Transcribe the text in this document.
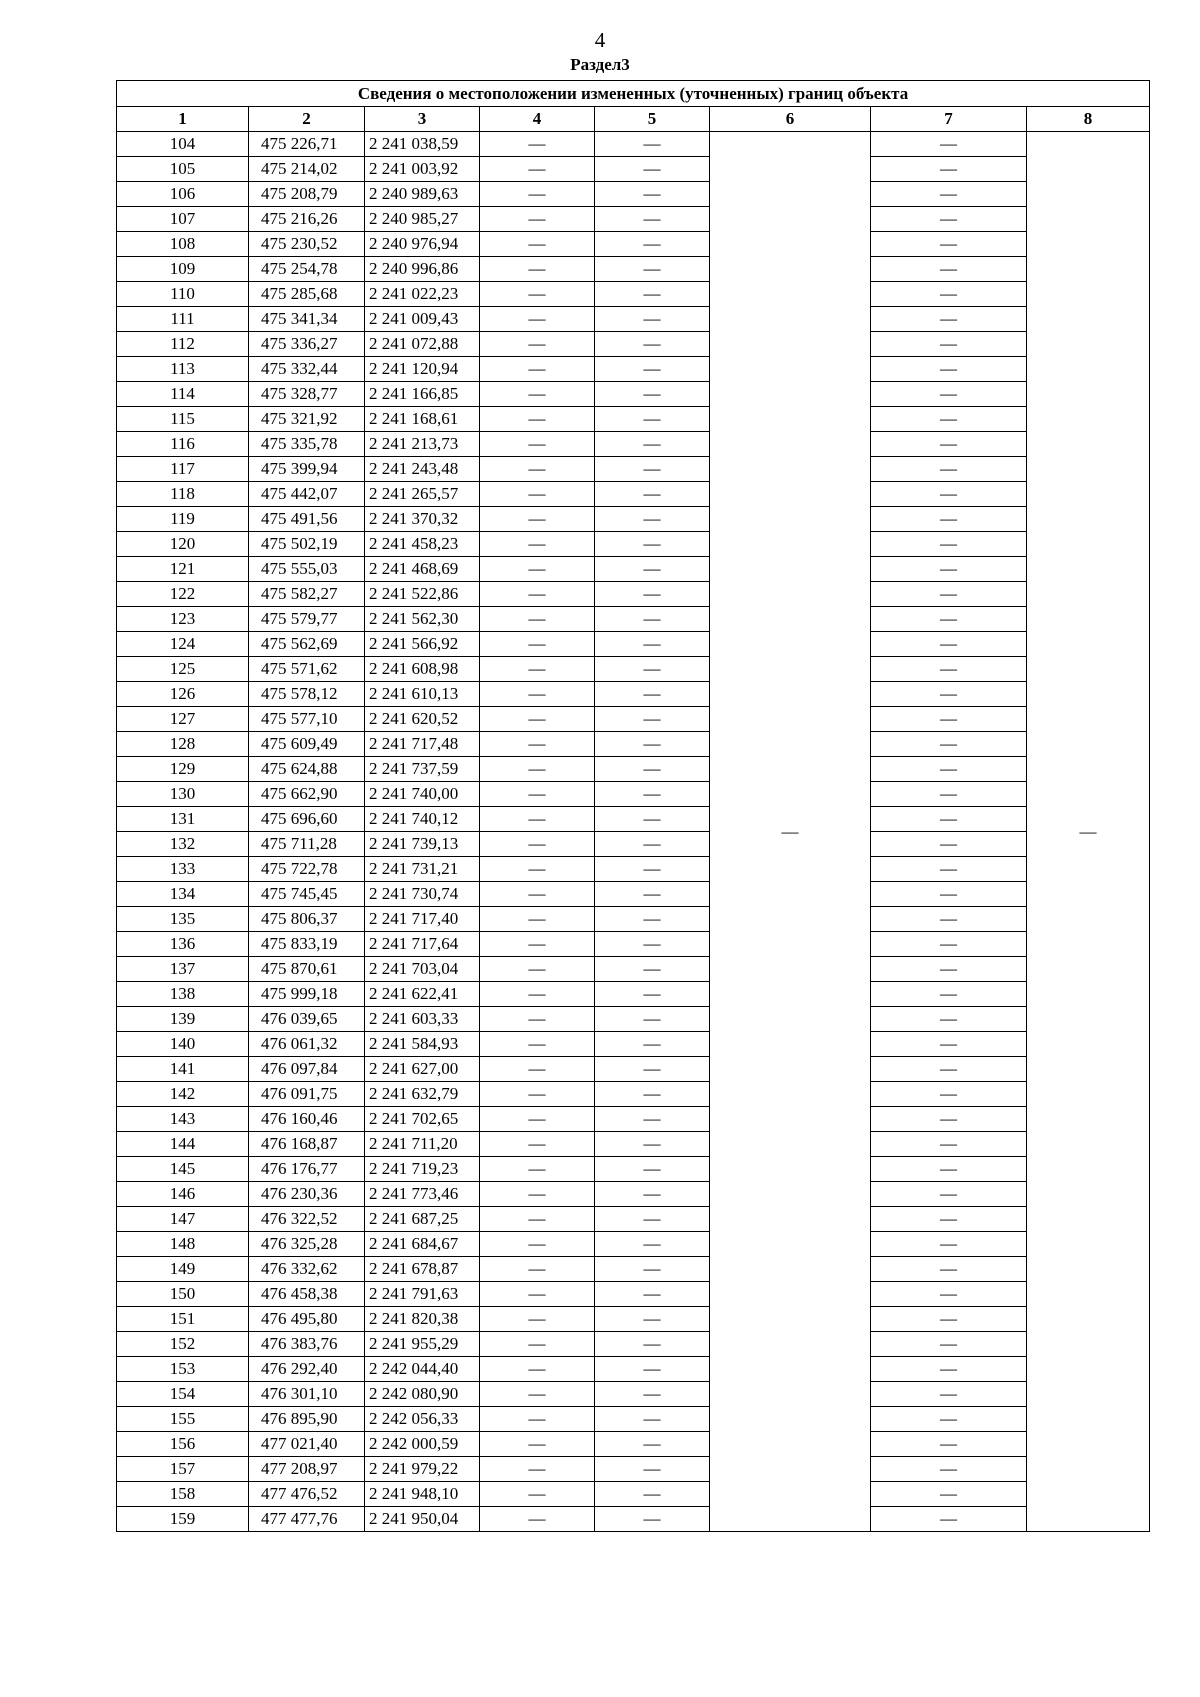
4
Раздел3
Сведения о местоположении измененных (уточненных) границ объекта							
1	2	3	4	5	6	7	8
104	475 226,71	2 241 038,59	—	—	—	—	—
105	475 214,02	2 241 003,92	—	—		—	
106	475 208,79	2 240 989,63	—	—		—	
107	475 216,26	2 240 985,27	—	—		—	
108	475 230,52	2 240 976,94	—	—		—	
109	475 254,78	2 240 996,86	—	—		—	
110	475 285,68	2 241 022,23	—	—		—	
111	475 341,34	2 241 009,43	—	—		—	
112	475 336,27	2 241 072,88	—	—		—	
113	475 332,44	2 241 120,94	—	—		—	
114	475 328,77	2 241 166,85	—	—		—	
115	475 321,92	2 241 168,61	—	—		—	
116	475 335,78	2 241 213,73	—	—		—	
117	475 399,94	2 241 243,48	—	—		—	
118	475 442,07	2 241 265,57	—	—		—	
119	475 491,56	2 241 370,32	—	—		—	
120	475 502,19	2 241 458,23	—	—		—	
121	475 555,03	2 241 468,69	—	—		—	
122	475 582,27	2 241 522,86	—	—		—	
123	475 579,77	2 241 562,30	—	—		—	
124	475 562,69	2 241 566,92	—	—		—	
125	475 571,62	2 241 608,98	—	—		—	
126	475 578,12	2 241 610,13	—	—		—	
127	475 577,10	2 241 620,52	—	—		—	
128	475 609,49	2 241 717,48	—	—		—	
129	475 624,88	2 241 737,59	—	—		—	
130	475 662,90	2 241 740,00	—	—		—	
131	475 696,60	2 241 740,12	—	—		—	
132	475 711,28	2 241 739,13	—	—		—	
133	475 722,78	2 241 731,21	—	—		—	
134	475 745,45	2 241 730,74	—	—		—	
135	475 806,37	2 241 717,40	—	—		—	
136	475 833,19	2 241 717,64	—	—		—	
137	475 870,61	2 241 703,04	—	—		—	
138	475 999,18	2 241 622,41	—	—		—	
139	476 039,65	2 241 603,33	—	—		—	
140	476 061,32	2 241 584,93	—	—		—	
141	476 097,84	2 241 627,00	—	—		—	
142	476 091,75	2 241 632,79	—	—		—	
143	476 160,46	2 241 702,65	—	—		—	
144	476 168,87	2 241 711,20	—	—		—	
145	476 176,77	2 241 719,23	—	—		—	
146	476 230,36	2 241 773,46	—	—		—	
147	476 322,52	2 241 687,25	—	—		—	
148	476 325,28	2 241 684,67	—	—		—	
149	476 332,62	2 241 678,87	—	—		—	
150	476 458,38	2 241 791,63	—	—		—	
151	476 495,80	2 241 820,38	—	—		—	
152	476 383,76	2 241 955,29	—	—		—	
153	476 292,40	2 242 044,40	—	—		—	
154	476 301,10	2 242 080,90	—	—		—	
155	476 895,90	2 242 056,33	—	—		—	
156	477 021,40	2 242 000,59	—	—		—	
157	477 208,97	2 241 979,22	—	—		—	
158	477 476,52	2 241 948,10	—	—		—	
159	477 477,76	2 241 950,04	—	—		—	
